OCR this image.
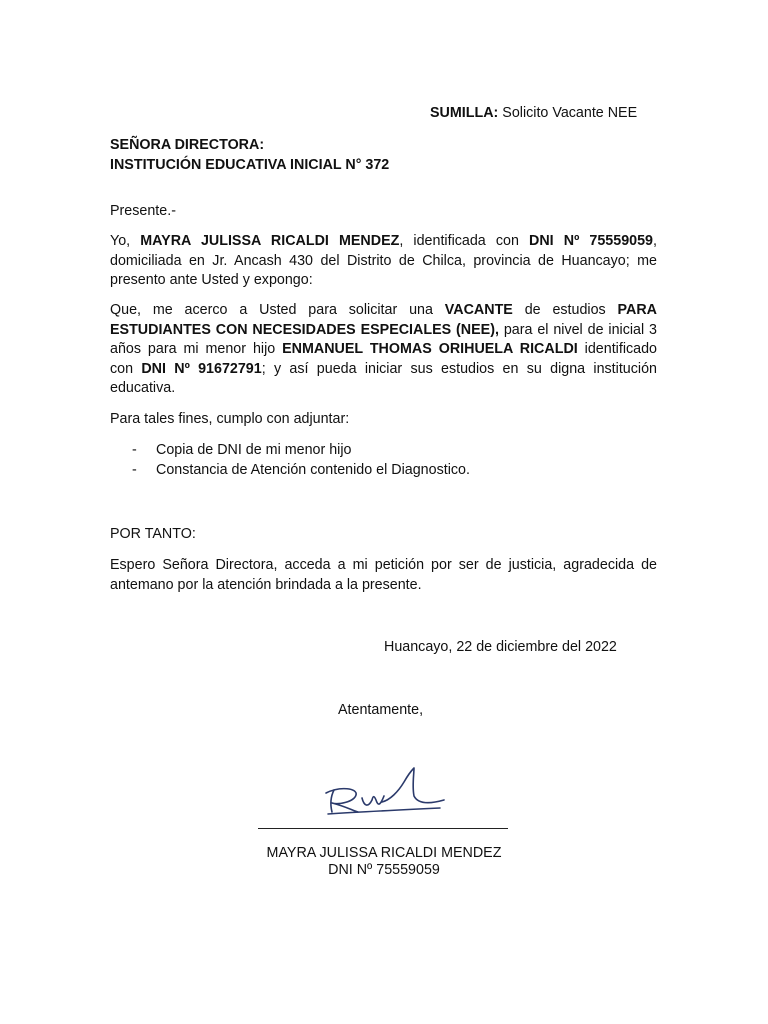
SUMILLA: Solicito Vacante NEE
SEÑORA DIRECTORA:
INSTITUCIÓN EDUCATIVA INICIAL N° 372
Presente.-
Yo, MAYRA JULISSA RICALDI MENDEZ, identificada con DNI Nº 75559059, domiciliada en Jr. Ancash 430 del Distrito de Chilca, provincia de Huancayo; me presento ante Usted y expongo:
Que, me acerco a Usted para solicitar una VACANTE de estudios PARA ESTUDIANTES CON NECESIDADES ESPECIALES (NEE), para el nivel de inicial 3 años para mi menor hijo ENMANUEL THOMAS ORIHUELA RICALDI identificado con DNI Nº 91672791; y así pueda iniciar sus estudios en su digna institución educativa.
Para tales fines, cumplo con adjuntar:
- Copia de DNI de mi menor hijo
- Constancia de Atención contenido el Diagnostico.
POR TANTO:
Espero Señora Directora, acceda a mi petición por ser de justicia, agradecida de antemano por la atención brindada a la presente.
Huancayo, 22 de diciembre del 2022
Atentamente,
MAYRA JULISSA RICALDI MENDEZ
DNI Nº 75559059
